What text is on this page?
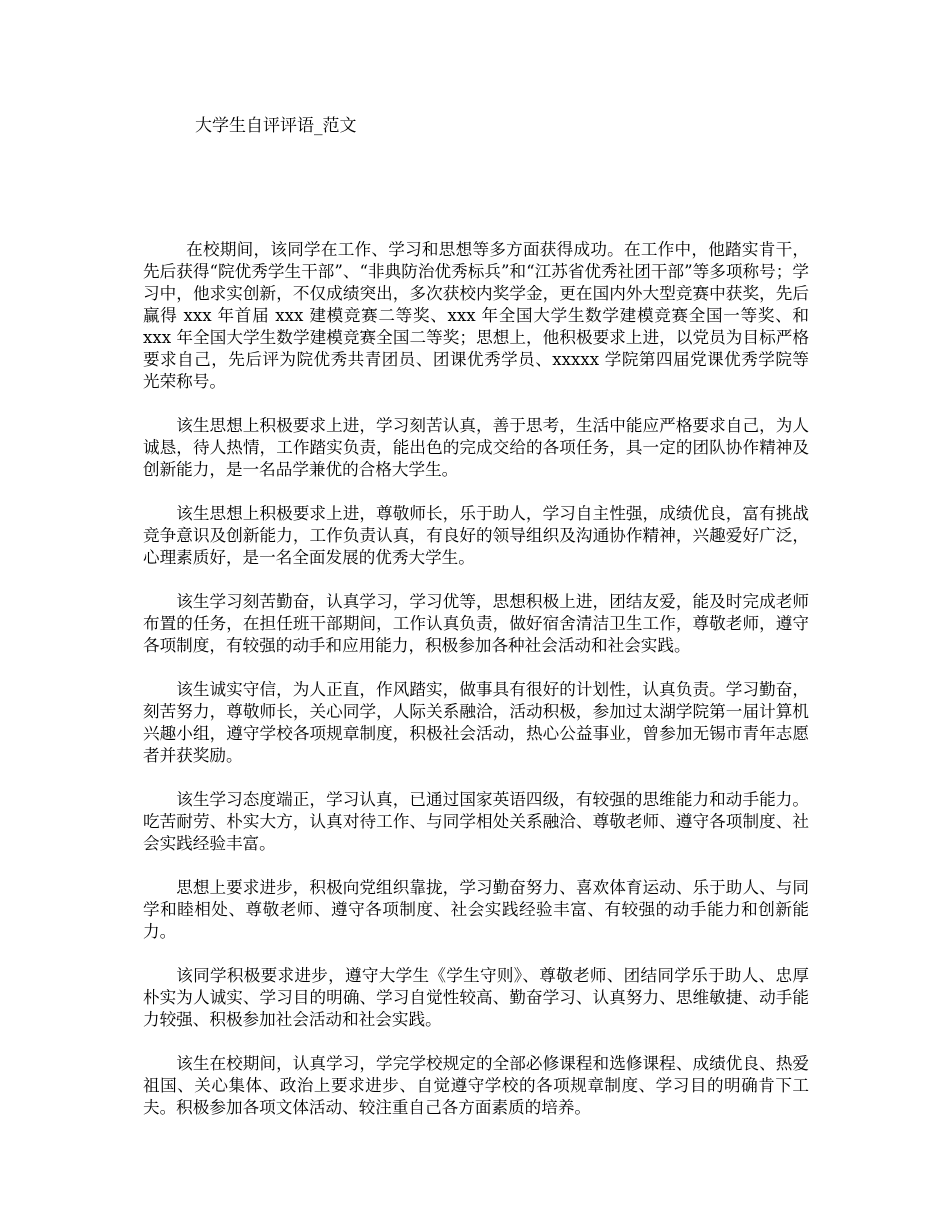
大学生自评评语_范文

在校期间，该同学在工作、学习和思想等多方面获得成功。在工作中，他踏实肯干，先后获得“院优秀学生干部”、“非典防治优秀标兵”和“江苏省优秀社团干部”等多项称号；学习中，他求实创新，不仅成绩突出，多次获校内奖学金，更在国内外大型竞赛中获奖，先后赢得 xxx 年首届 xxx 建模竞赛二等奖、xxx 年全国大学生数学建模竞赛全国一等奖、和 xxx 年全国大学生数学建模竞赛全国二等奖；思想上，他积极要求上进，以党员为目标严格要求自己，先后评为院优秀共青团员、团课优秀学员、xxxxx 学院第四届党课优秀学院等光荣称号。

该生思想上积极要求上进，学习刻苦认真，善于思考，生活中能应严格要求自己，为人诚恳，待人热情，工作踏实负责，能出色的完成交给的各项任务，具一定的团队协作精神及创新能力，是一名品学兼优的合格大学生。

该生思想上积极要求上进，尊敬师长，乐于助人，学习自主性强，成绩优良，富有挑战竞争意识及创新能力，工作负责认真，有良好的领导组织及沟通协作精神，兴趣爱好广泛，心理素质好，是一名全面发展的优秀大学生。

该生学习刻苦勤奋，认真学习，学习优等，思想积极上进，团结友爱，能及时完成老师布置的任务，在担任班干部期间，工作认真负责，做好宿舍清洁卫生工作，尊敬老师，遵守各项制度，有较强的动手和应用能力，积极参加各种社会活动和社会实践。

该生诚实守信，为人正直，作风踏实，做事具有很好的计划性，认真负责。学习勤奋，刻苦努力，尊敬师长，关心同学，人际关系融洽，活动积极，参加过太湖学院第一届计算机兴趣小组，遵守学校各项规章制度，积极社会活动，热心公益事业，曾参加无锡市青年志愿者并获奖励。

该生学习态度端正，学习认真，已通过国家英语四级，有较强的思维能力和动手能力。吃苦耐劳、朴实大方，认真对待工作、与同学相处关系融洽、尊敬老师、遵守各项制度、社会实践经验丰富。

思想上要求进步，积极向党组织靠拢，学习勤奋努力、喜欢体育运动、乐于助人、与同学和睦相处、尊敬老师、遵守各项制度、社会实践经验丰富、有较强的动手能力和创新能力。

该同学积极要求进步，遵守大学生《学生守则》、尊敬老师、团结同学乐于助人、忠厚朴实为人诚实、学习目的明确、学习自觉性较高、勤奋学习、认真努力、思维敏捷、动手能力较强、积极参加社会活动和社会实践。

该生在校期间，认真学习，学完学校规定的全部必修课程和选修课程、成绩优良、热爱祖国、关心集体、政治上要求进步、自觉遵守学校的各项规章制度、学习目的明确肯下工夫。积极参加各项文体活动、较注重自己各方面素质的培养。
